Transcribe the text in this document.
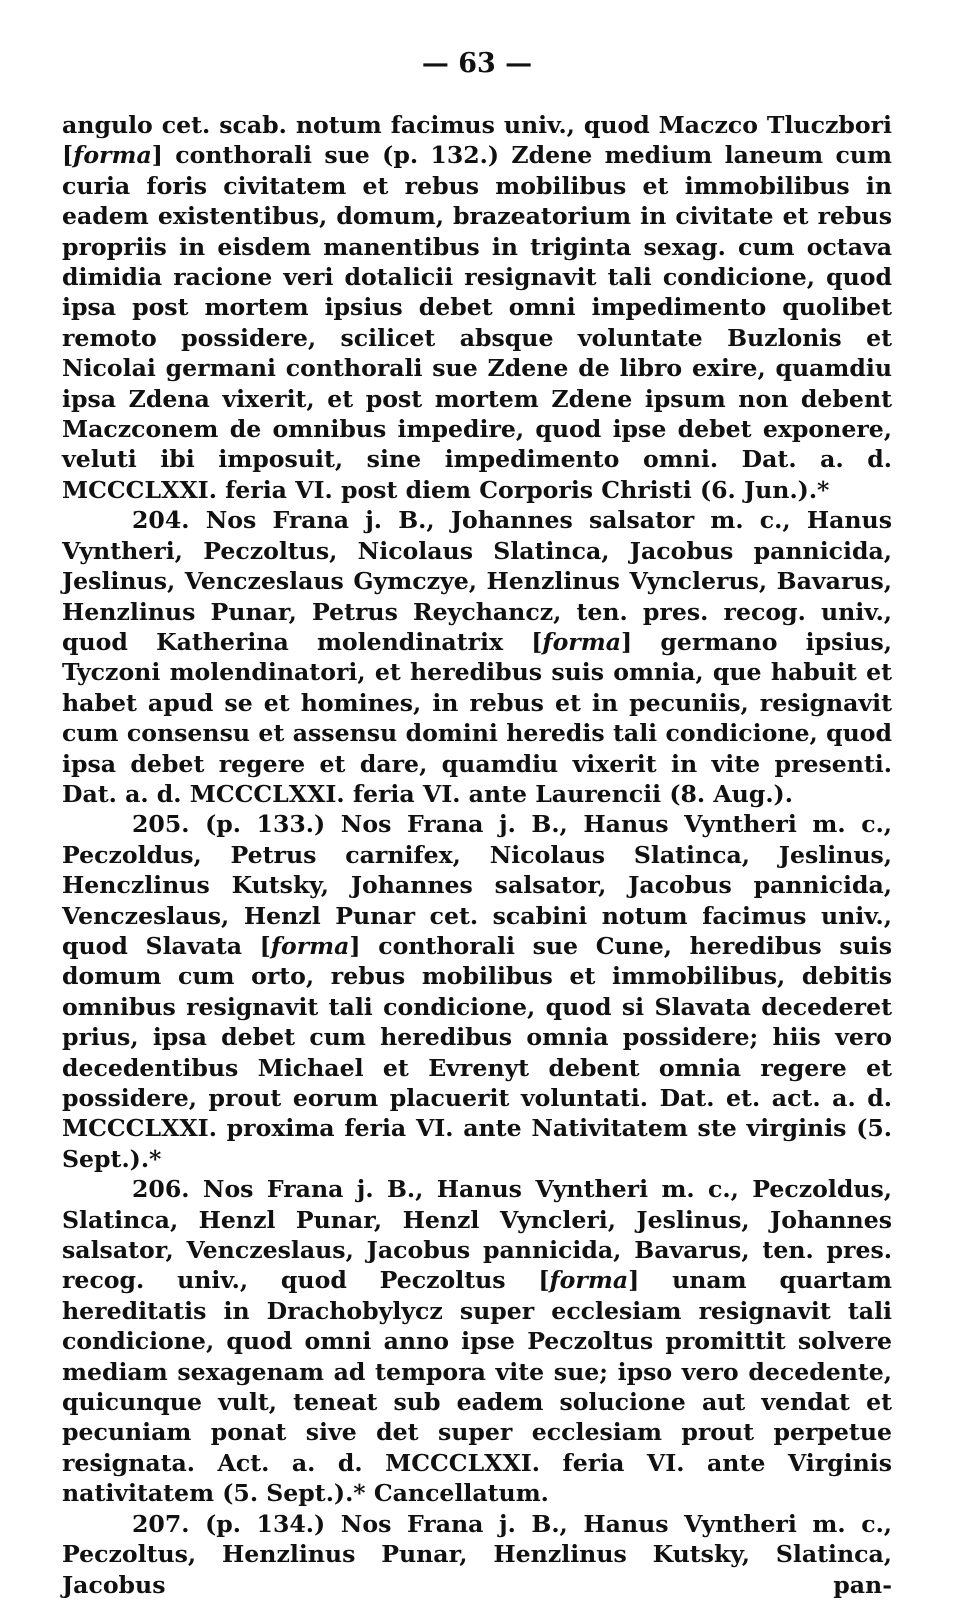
— 63 —

angulo cet. scab. notum facimus univ., quod Maczco Tluczbori [forma] conthorali sue (p. 132.) Zdene medium laneum cum curia foris civitatem et rebus mobilibus et immobilibus in eadem existentibus, domum, brazeatorium in civitate et rebus propriis in eisdem manentibus in triginta sexag. cum octava dimidia racione veri dotalicii resignavit tali condicione, quod ipsa post mortem ipsius debet omni impedimento quolibet remoto possidere, scilicet absque voluntate Buzlonis et Nicolai germani conthorali sue Zdene de libro exire, quamdiu ipsa Zdena vixerit, et post mortem Zdene ipsum non debent Maczconem de omnibus impedire, quod ipse debet exponere, veluti ibi imposuit, sine impedimento omni. Dat. a. d. MCCCLXXI. feria VI. post diem Corporis Christi (6. Jun.).*

204. Nos Frana j. B., Johannes salsator m. c., Hanus Vyntheri, Peczoltus, Nicolaus Slatinca, Jacobus pannicida, Jeslinus, Venczeslaus Gymczye, Henzlinus Vynclerus, Bavarus, Henzlinus Punar, Petrus Reychancz, ten. pres. recog. univ., quod Katherina molendinatrix [forma] germano ipsius, Tyczoni molendinatori, et heredibus suis omnia, que habuit et habet apud se et homines, in rebus et in pecuniis, resignavit cum consensu et assensu domini heredis tali condicione, quod ipsa debet regere et dare, quamdiu vixerit in vite presenti. Dat. a. d. MCCCLXXI. feria VI. ante Laurencii (8. Aug.).

205. (p. 133.) Nos Frana j. B., Hanus Vyntheri m. c., Peczoldus, Petrus carnifex, Nicolaus Slatinca, Jeslinus, Henczlinus Kutsky, Johannes salsator, Jacobus pannicida, Venczeslaus, Henzl Punar cet. scabini notum facimus univ., quod Slavata [forma] conthorali sue Cune, heredibus suis domum cum orto, rebus mobilibus et immobilibus, debitis omnibus resignavit tali condicione, quod si Slavata decederet prius, ipsa debet cum heredibus omnia possidere; hiis vero decedentibus Michael et Evrenyt debent omnia regere et possidere, prout eorum placuerit voluntati. Dat. et. act. a. d. MCCCLXXI. proxima feria VI. ante Nativitatem ste virginis (5. Sept.).*

206. Nos Frana j. B., Hanus Vyntheri m. c., Peczoldus, Slatinca, Henzl Punar, Henzl Vyncleri, Jeslinus, Johannes salsator, Venczeslaus, Jacobus pannicida, Bavarus, ten. pres. recog. univ., quod Peczoltus [forma] unam quartam hereditatis in Drachobylycz super ecclesiam resignavit tali condicione, quod omni anno ipse Peczoltus promittit solvere mediam sexagenam ad tempora vite sue; ipso vero decedente, quicunque vult, teneat sub eadem solucione aut vendat et pecuniam ponat sive det super ecclesiam prout perpetue resignata. Act. a. d. MCCCLXXI. feria VI. ante Virginis nativitatem (5. Sept.).* Cancellatum.

207. (p. 134.) Nos Frana j. B., Hanus Vyntheri m. c., Peczoltus, Henzlinus Punar, Henzlinus Kutsky, Slatinca, Jacobus pan-
